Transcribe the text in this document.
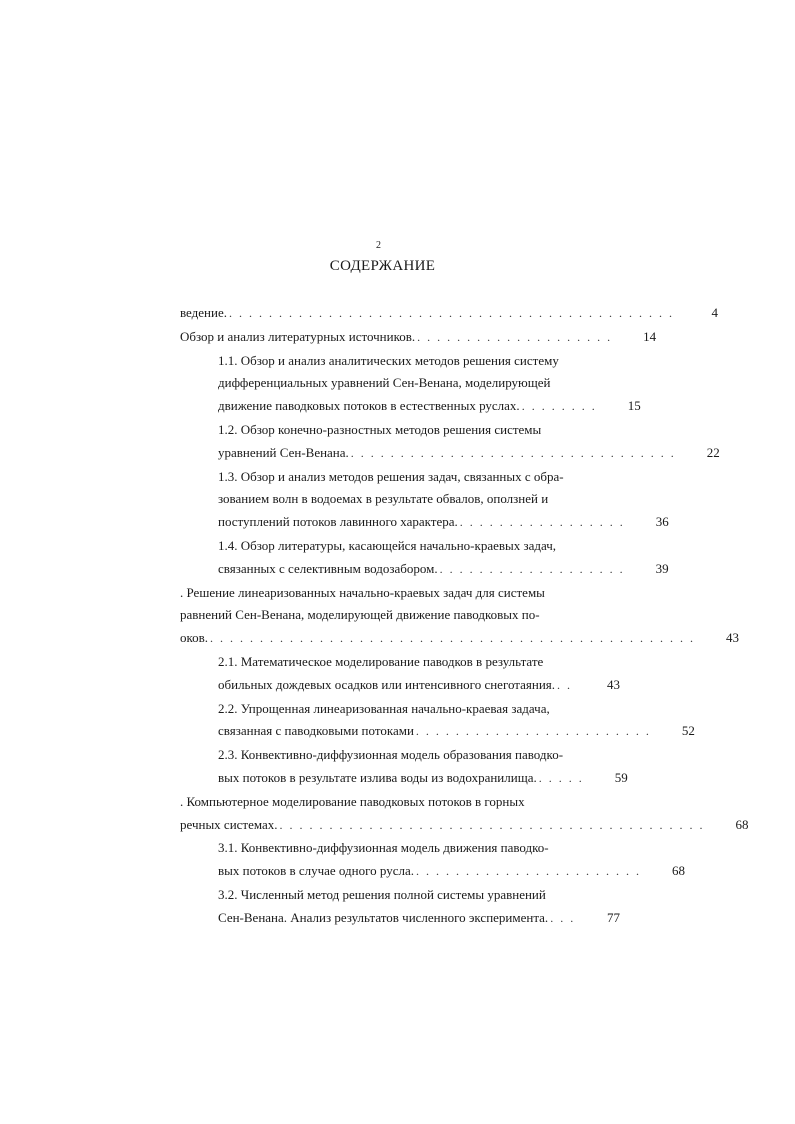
2
СОДЕРЖАНИЕ
ведение. . . . . . . . . . . . . . . . . . . . . . . . . . . . . . . . . . . . . . . . . . . . . .	4
Обзор и анализ литературных источников. . . . . . . . . . . . . . . . . . . . .	14
1.1. Обзор и анализ аналитических методов решения систему
дифференциальных уравнений Сен-Венана, моделирующей
движение паводковых потоков в естественных руслах. . . . . . . . .	15
1.2. Обзор конечно-разностных методов решения системы
уравнений Сен-Венана. . . . . . . . . . . . . . . . . . . . . . . . . . . . . . . . . .	22
1.3. Обзор и анализ методов решения задач, связанных с обра-
зованием волн в водоемах в результате обвалов, оползней и
поступлений потоков лавинного характера. . . . . . . . . . . . . . . . . .	36
1.4. Обзор литературы, касающейся начально-краевых задач,
связанных с селективным водозабором. . . . . . . . . . . . . . . . . . . .	39
. Решение линеаризованных начально-краевых задач для системы
равнений Сен-Венана, моделирующей движение паводковых по-
оков. . . . . . . . . . . . . . . . . . . . . . . . . . . . . . . . . . . . . . . . . . . . . . . . . .	43
2.1. Математическое моделирование паводков в результате
обильных дождевых осадков или интенсивного снеготаяния. . .	43
2.2. Упрощенная линеаризованная начально-краевая задача,
связанная с паводковыми потоками . . . . . . . . . . . . . . . . . . . . . . . .	52
2.3. Конвективно-диффузионная модель образования паводко-
вых потоков в результате излива воды из водохранилища. . . . . .	59
. Компьютерное моделирование паводковых потоков в горных
речных системах. . . . . . . . . . . . . . . . . . . . . . . . . . . . . . . . . . . . . . . . . . . .	68
3.1. Конвективно-диффузионная модель движения паводко-
вых потоков в случае одного русла. . . . . . . . . . . . . . . . . . . . . . . .	68
3.2. Численный метод решения полной системы уравнений
Сен-Венана. Анализ результатов численного эксперимента. . . .	77
